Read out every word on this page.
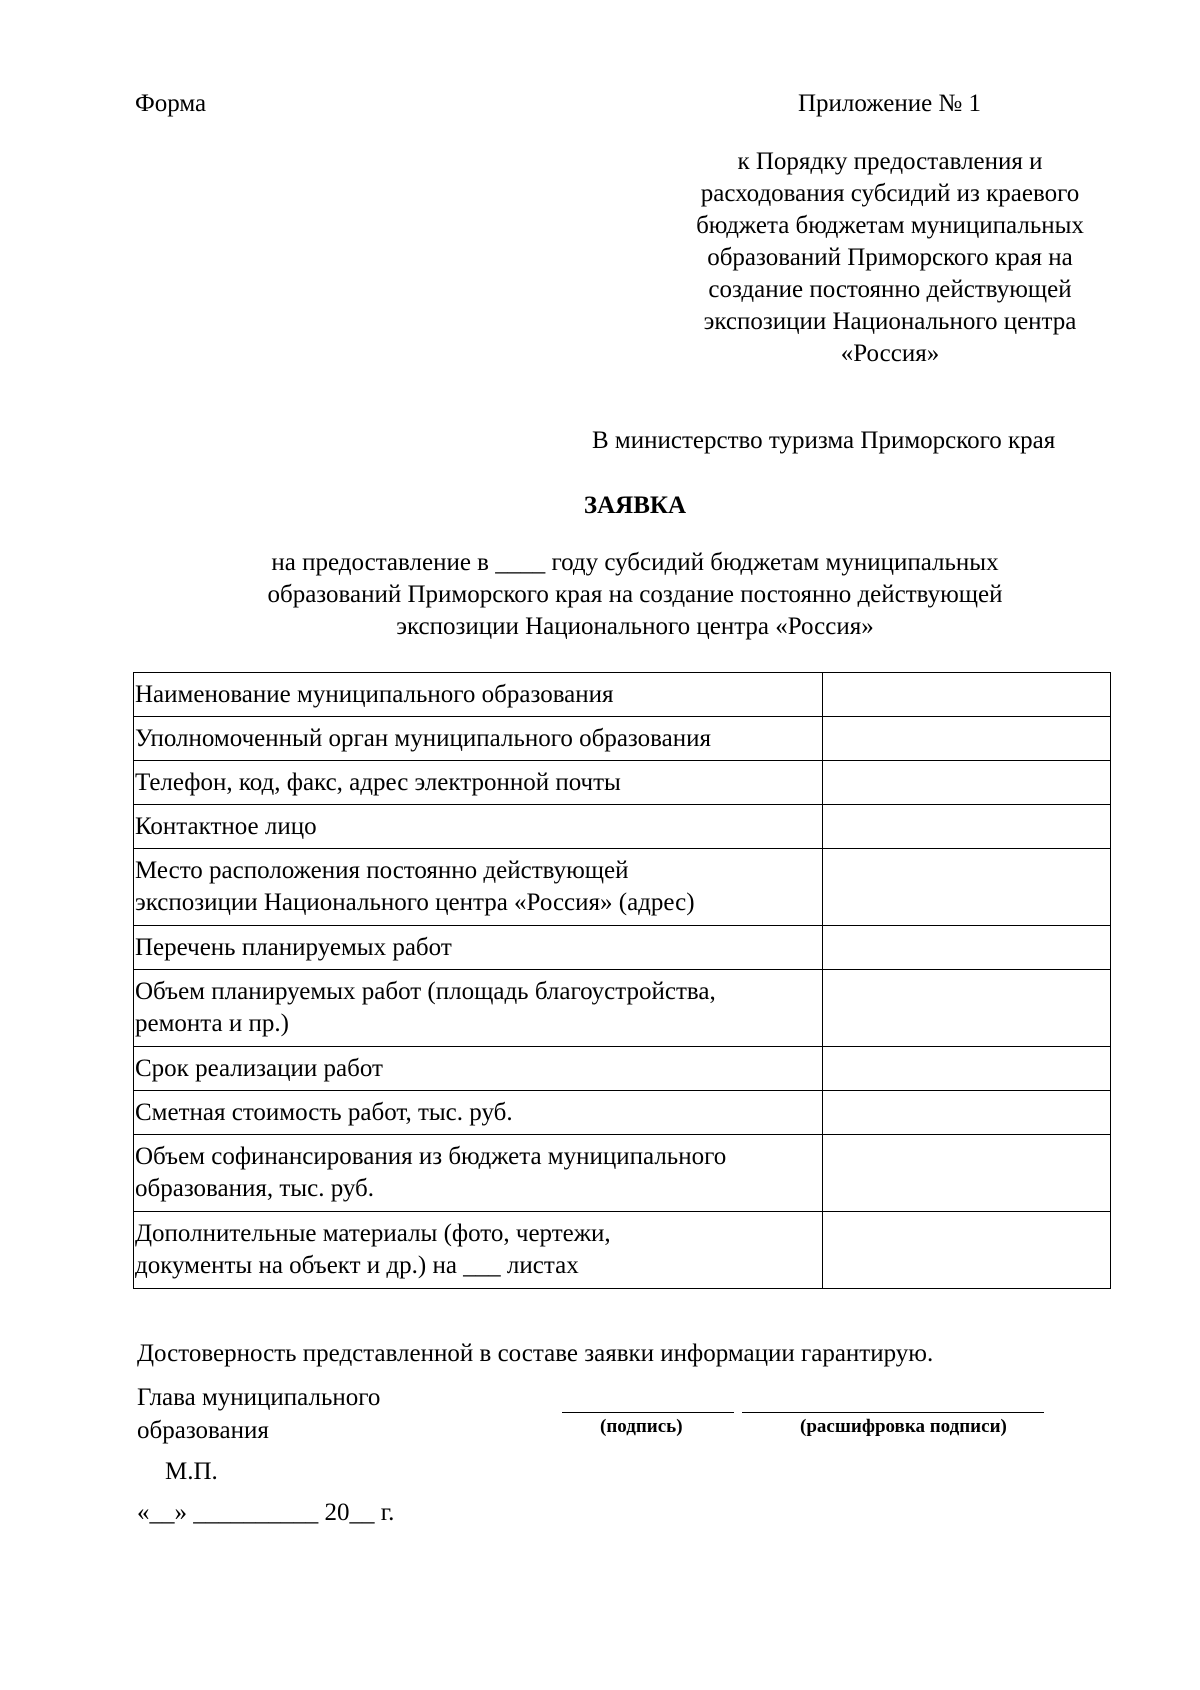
Форма	Приложение № 1
к Порядку предоставления и
расходования субсидий из краевого
бюджета бюджетам муниципальных
образований Приморского края на
создание постоянно действующей
экспозиции Национального центра
«Россия»
В министерство туризма Приморского края
ЗАЯВКА
на предоставление в ____ году субсидий бюджетам муниципальных
образований Приморского края на создание постоянно действующей
экспозиции Национального центра «Россия»
Наименование муниципального образования	

Уполномоченный орган муниципального образования	

Телефон, код, факс, адрес электронной почты	

Контактное лицо	

Место расположения постоянно действующей
экспозиции Национального центра «Россия» (адрес)	

Перечень планируемых работ	

Объем планируемых работ (площадь благоустройства,
ремонта и пр.)	

Срок реализации работ	

Сметная стоимость работ, тыс. руб.	

Объем софинансирования из бюджета муниципального
образования, тыс. руб.	

Дополнительные материалы (фото, чертежи,
документы на объект и др.) на ___ листах	

Достоверность представленной в составе заявки информации гарантирую.
Глава муниципального
образования	(подпись)	(расшифровка подписи)
М.П.
«__» __________ 20__ г.
